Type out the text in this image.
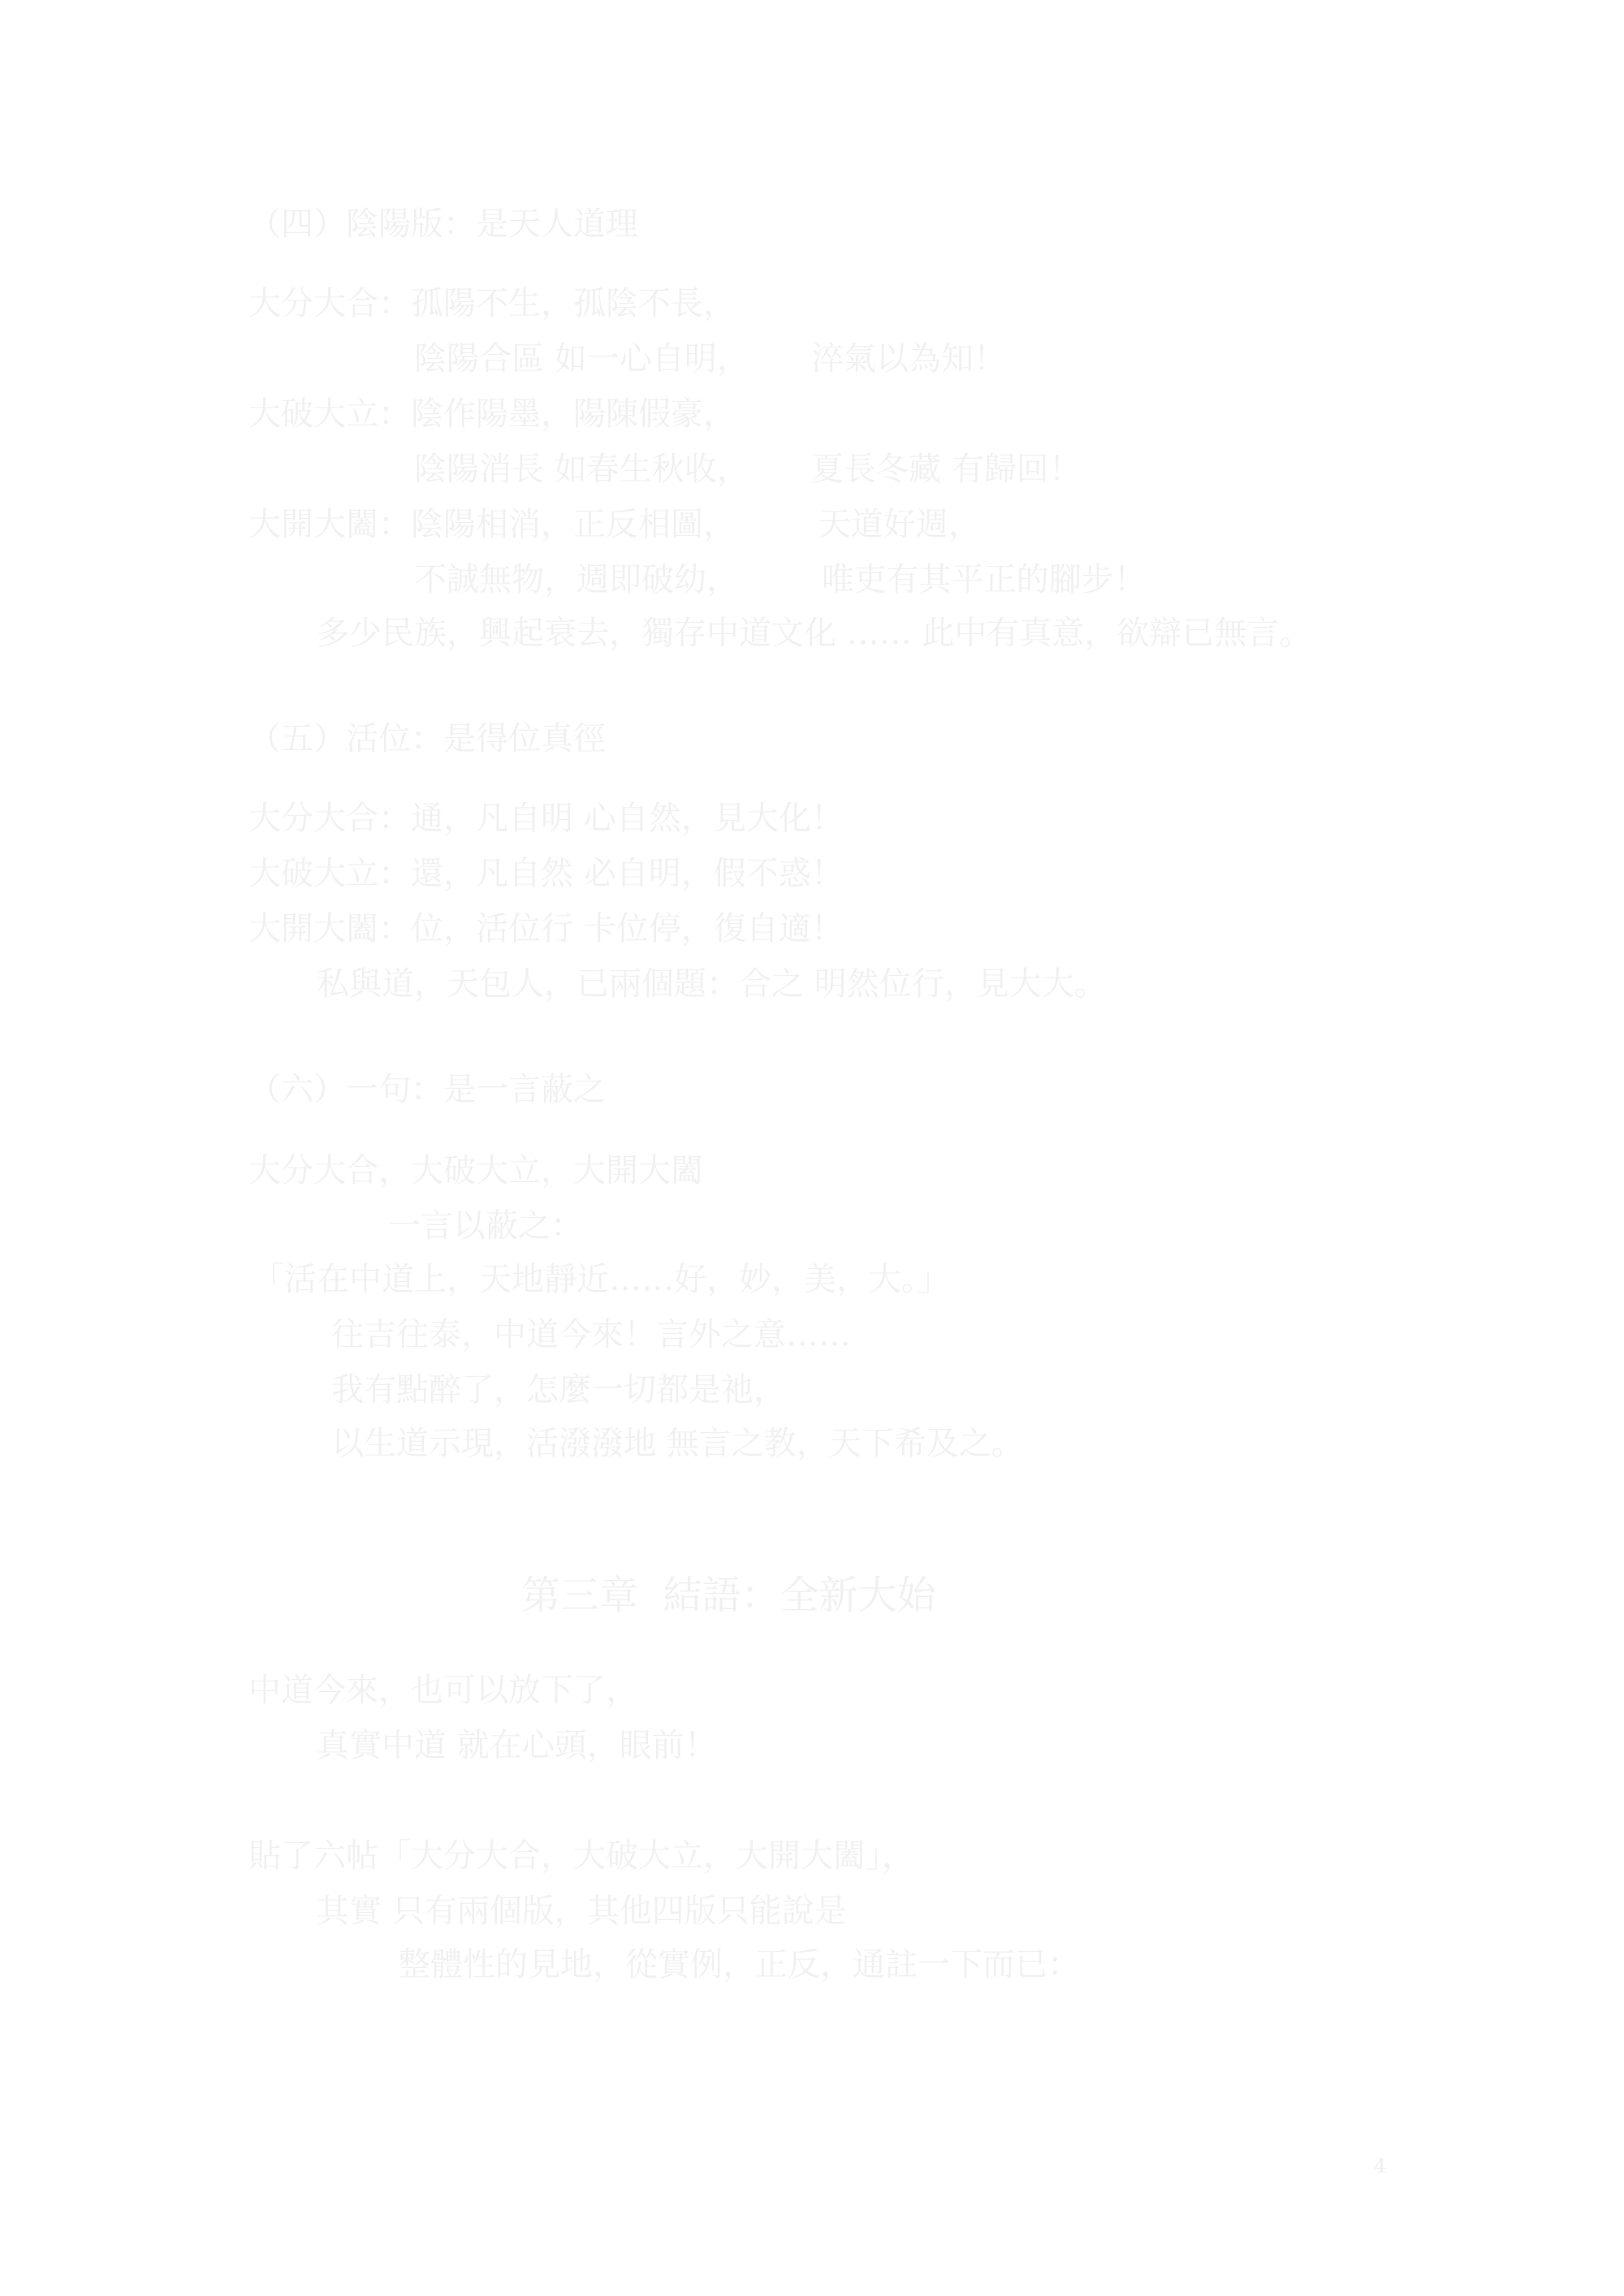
（四）陰陽版：是天人道理
大分大合：孤陽不生，孤陰不長，
陰陽合區 如一心自明，      淬氣以為知！
大破大立：陰作陽墨，陽陳假豪，
陰陽消長 如春生秋收，      夏長冬藏 有歸回！
大開大闔：陰陽相消，正反相圖，        天道好週，
不誠無物，週即破幼，        唯吏有其平正的腳步！
多少民族，興起衰去，獨存中道文化 …… 此中有真意，欲辯已無言。
（五）活位：是得位真徑
大分大合：通，凡自明 心自然，見大化！
大破大立：還，凡自然 必自明，假不惑！
大開大闔：位，活位行 卡位停，復自適！
私與道，天包人，已兩個題：合之 明然位行，見大大。
（六）一句：是一言蔽之
大分大合，大破大立，大開大闔
一言以蔽之：
「活在中道上，天地靜近……好，妙，美，大。」
往吉往泰，中道今來！言外之意……
我有點醉了，怎麼一切都是祂，
以生道示現，活潑潑地 無言之教，天下希及之。
第三章  結語：全新大始
中道今來，也可以放下了，
真實中道 就在心頭，眼前！
貼了六帖「大分大合，大破大立，大開大闔」，
其實 只有兩個版，其他四版只能說是
整體性的見地，從實例，正反，通註一下而已：
4
